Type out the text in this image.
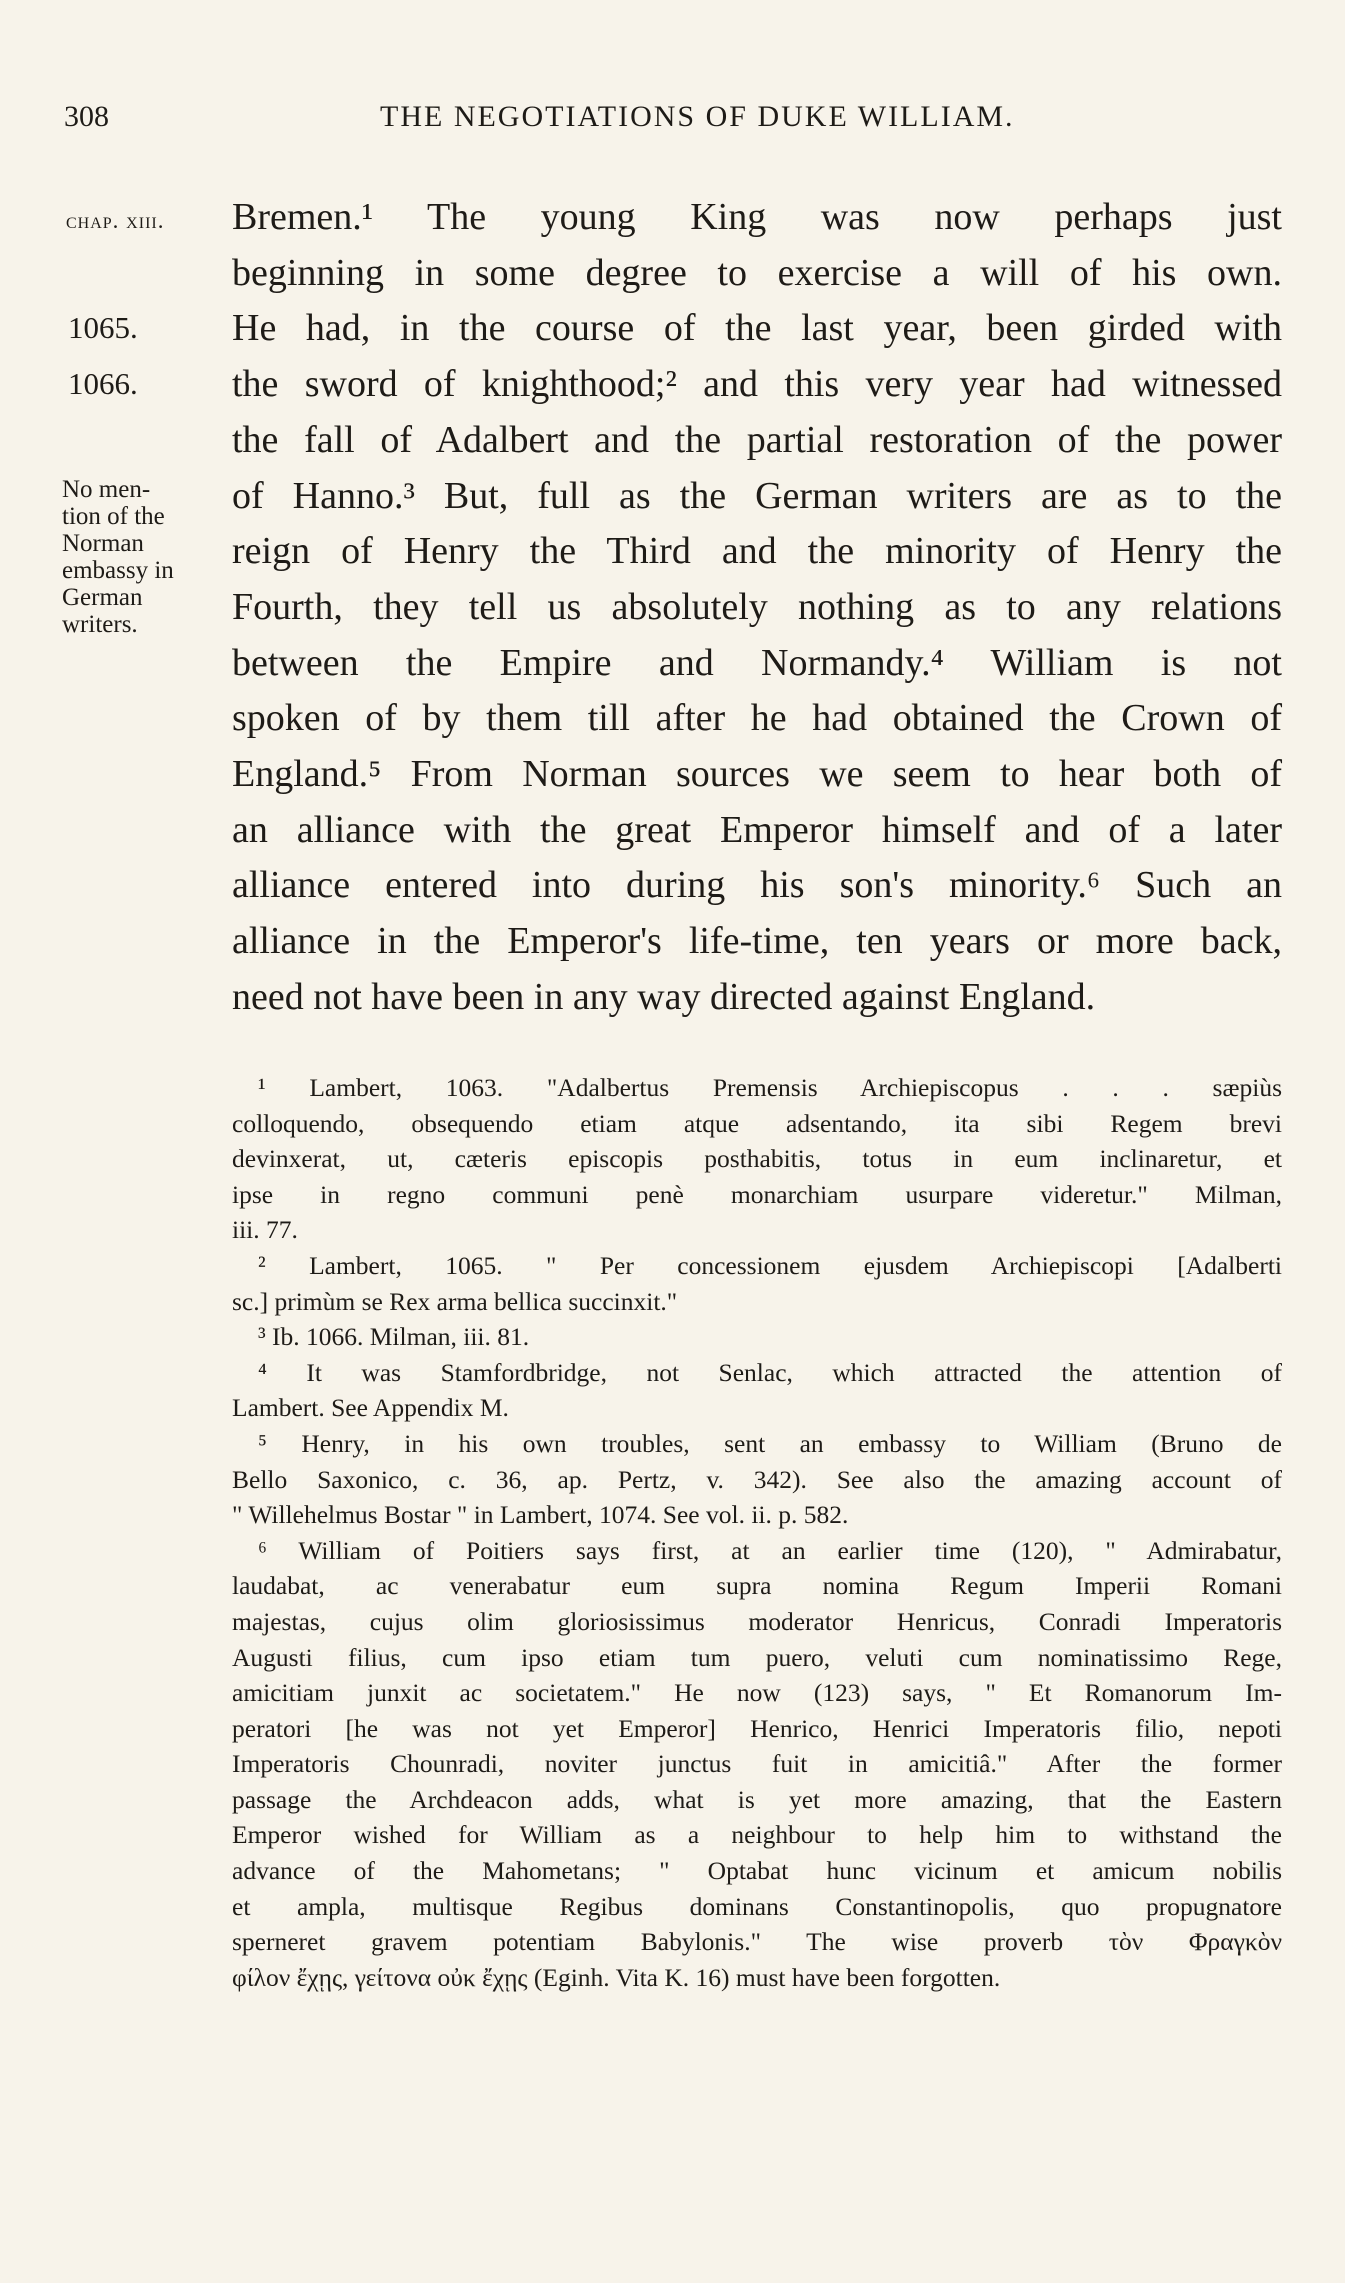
308	THE NEGOTIATIONS OF DUKE WILLIAM.
chap. xiii.
1065.
1066.
No men-
tion of the
Norman
embassy in
German
writers.
Bremen.¹ The young King was now perhaps just
beginning in some degree to exercise a will of his own.
He had, in the course of the last year, been girded with
the sword of knighthood;² and this very year had witnessed
the fall of Adalbert and the partial restoration of the power
of Hanno.³ But, full as the German writers are as to the
reign of Henry the Third and the minority of Henry the
Fourth, they tell us absolutely nothing as to any relations
between the Empire and Normandy.⁴ William is not
spoken of by them till after he had obtained the Crown of
England.⁵ From Norman sources we seem to hear both of
an alliance with the great Emperor himself and of a later
alliance entered into during his son's minority.⁶ Such an
alliance in the Emperor's life-time, ten years or more back,
need not have been in any way directed against England.
¹ Lambert, 1063. "Adalbertus Premensis Archiepiscopus . . . sæpiùs
colloquendo, obsequendo etiam atque adsentando, ita sibi Regem brevi
devinxerat, ut, cæteris episcopis posthabitis, totus in eum inclinaretur, et
ipse in regno communi penè monarchiam usurpare videretur." Milman,
iii. 77.
² Lambert, 1065. " Per concessionem ejusdem Archiepiscopi [Adalberti
sc.] primùm se Rex arma bellica succinxit."
³ Ib. 1066. Milman, iii. 81.
⁴ It was Stamfordbridge, not Senlac, which attracted the attention of
Lambert. See Appendix M.
⁵ Henry, in his own troubles, sent an embassy to William (Bruno de
Bello Saxonico, c. 36, ap. Pertz, v. 342). See also the amazing account of
" Willehelmus Bostar " in Lambert, 1074. See vol. ii. p. 582.
⁶ William of Poitiers says first, at an earlier time (120), " Admirabatur,
laudabat, ac venerabatur eum supra nomina Regum Imperii Romani
majestas, cujus olim gloriosissimus moderator Henricus, Conradi Imperatoris
Augusti filius, cum ipso etiam tum puero, veluti cum nominatissimo Rege,
amicitiam junxit ac societatem." He now (123) says, " Et Romanorum Im-
peratori [he was not yet Emperor] Henrico, Henrici Imperatoris filio, nepoti
Imperatoris Chounradi, noviter junctus fuit in amicitiâ." After the former
passage the Archdeacon adds, what is yet more amazing, that the Eastern
Emperor wished for William as a neighbour to help him to withstand the
advance of the Mahometans; " Optabat hunc vicinum et amicum nobilis
et ampla, multisque Regibus dominans Constantinopolis, quo propugnatore
sperneret gravem potentiam Babylonis." The wise proverb τὸν Φραγκὸν
φίλον ἔχῃς, γείτονα οὐκ ἔχῃς (Eginh. Vita K. 16) must have been forgotten.
